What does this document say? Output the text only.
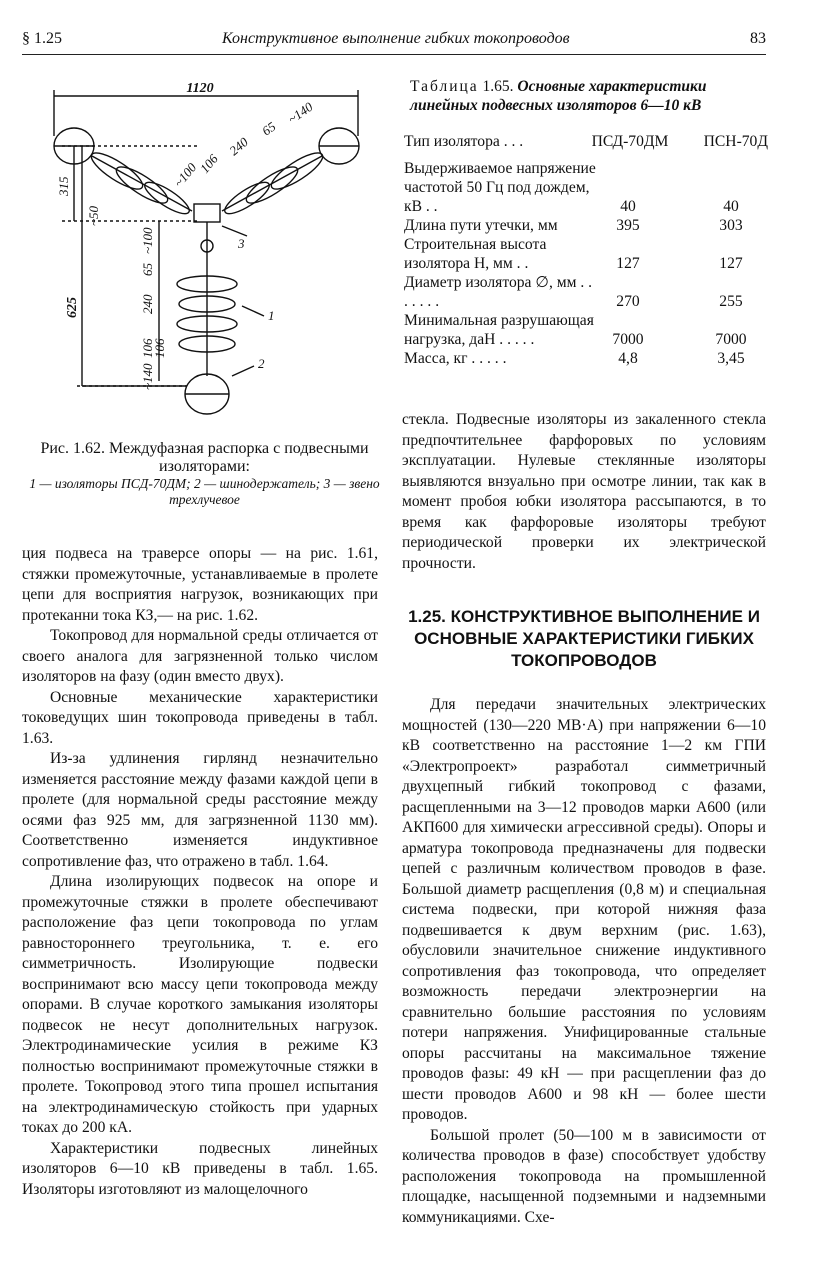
§ 1.25	Конструктивное выполнение гибких токопроводов	83
1120
315
625
~50
~100
65
240
106
106
~140
~100
106
240
65
~140
3
1
2
Рис. 1.62. Междуфазная распорка с подвесными изоляторами:
1 — изоляторы ПСД-70ДМ; 2 — шинодержатель; 3 — звено трехлучевое
Таблица 1.65. Основные характеристики линейных подвесных изоляторов 6—10 кВ
Тип изолятора . . .	ПСД-70ДМ	ПСН-70Д
Выдерживаемое напряжение частотой 50 Гц под дождем, кВ . .	40	40
Длина пути утечки, мм	395	303
Строительная высота изолятора Н, мм . .	127	127
Диаметр изолятора ∅, мм . . . . . . .	270	255
Минимальная разрушающая нагрузка, даН . . . . .	7000	7000
Масса, кг . . . . .	4,8	3,45

ция подвеса на траверсе опоры — на рис. 1.61, стяжки промежуточные, устанавливаемые в пролете цепи для восприятия нагрузок, возникающих при протеканни тока КЗ,— на рис. 1.62.

Токопровод для нормальной среды отличается от своего аналога для загрязненной только числом изоляторов на фазу (один вместо двух).

Основные механические характеристики токоведущих шин токопровода приведены в табл. 1.63.

Из-за удлинения гирлянд незначительно изменяется расстояние между фазами каждой цепи в пролете (для нормальной среды расстояние между осями фаз 925 мм, для загрязненной 1130 мм). Соответственно изменяется индуктивное сопротивление фаз, что отражено в табл. 1.64.

Длина изолирующих подвесок на опоре и промежуточные стяжки в пролете обеспечивают расположение фаз цепи токопровода по углам равностороннего треугольника, т. е. его симметричность. Изолирующие подвески воспринимают всю массу цепи токопровода между опорами. В случае короткого замыкания изоляторы подвесок не несут дополнительных нагрузок. Электродинамические усилия в режиме КЗ полностью воспринимают промежуточные стяжки в пролете. Токопровод этого типа прошел испытания на электродинамическую стойкость при ударных токах до 200 кА.

Характеристики подвесных линейных изоляторов 6—10 кВ приведены в табл. 1.65. Изоляторы изготовляют из малощелочного

стекла. Подвесные изоляторы из закаленного стекла предпочтительнее фарфоровых по условиям эксплуатации. Нулевые стеклянные изоляторы выявляются внзуально при осмотре линии, так как в момент пробоя юбки изолятора рассыпаются, в то время как фарфоровые изоляторы требуют периодической проверки их электрической прочности.

1.25. КОНСТРУКТИВНОЕ ВЫПОЛНЕНИЕ И ОСНОВНЫЕ ХАРАКТЕРИСТИКИ ГИБКИХ ТОКОПРОВОДОВ

Для передачи значительных электрических мощностей (130—220 МВ·А) при напряжении 6—10 кВ соответственно на расстояние 1—2 км ГПИ «Электропроект» разработал симметричный двухцепный гибкий токопровод с фазами, расщепленными на 3—12 проводов марки А600 (или АКП600 для химически агрессивной среды). Опоры и арматура токопровода предназначены для подвески цепей с различным количеством проводов в фазе. Большой диаметр расщепления (0,8 м) и специальная система подвески, при которой нижняя фаза подвешивается к двум верхним (рис. 1.63), обусловили значительное снижение индуктивного сопротивления фаз токопровода, что определяет возможность передачи электроэнергии на сравнительно большие расстояния по условиям потери напряжения. Унифицированные стальные опоры рассчитаны на максимальное тяжение проводов фазы: 49 кН — при расщеплении фаз до шести проводов А600 и 98 кН — более шести проводов.

Большой пролет (50—100 м в зависимости от количества проводов в фазе) способствует удобству расположения токопровода на промышленной площадке, насыщенной подземными и надземными коммуникациями. Схе-
